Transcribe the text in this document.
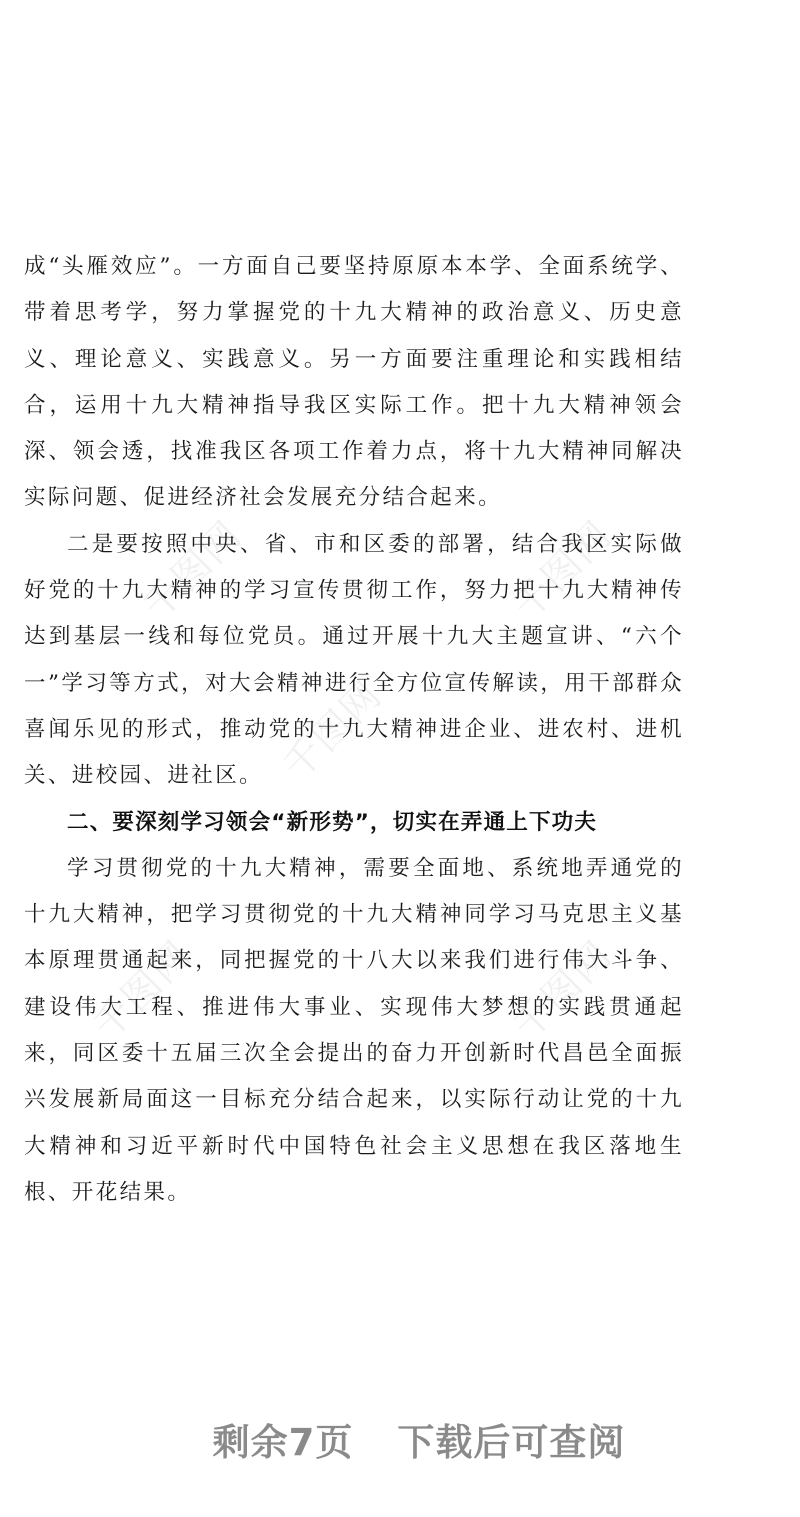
千图网	千图网
千图网
千图网	千图网

成“头雁效应”。一方面自己要坚持原原本本学、全面系统学、带着思考学，努力掌握党的十九大精神的政治意义、历史意义、理论意义、实践意义。另一方面要注重理论和实践相结合，运用十九大精神指导我区实际工作。把十九大精神领会深、领会透，找准我区各项工作着力点，将十九大精神同解决实际问题、促进经济社会发展充分结合起来。

二是要按照中央、省、市和区委的部署，结合我区实际做好党的十九大精神的学习宣传贯彻工作，努力把十九大精神传达到基层一线和每位党员。通过开展十九大主题宣讲、“六个一”学习等方式，对大会精神进行全方位宣传解读，用干部群众喜闻乐见的形式，推动党的十九大精神进企业、进农村、进机关、进校园、进社区。

二、要深刻学习领会“新形势”，切实在弄通上下功夫

学习贯彻党的十九大精神，需要全面地、系统地弄通党的十九大精神，把学习贯彻党的十九大精神同学习马克思主义基本原理贯通起来，同把握党的十八大以来我们进行伟大斗争、建设伟大工程、推进伟大事业、实现伟大梦想的实践贯通起来，同区委十五届三次全会提出的奋力开创新时代昌邑全面振兴发展新局面这一目标充分结合起来，以实际行动让党的十九大精神和习近平新时代中国特色社会主义思想在我区落地生根、开花结果。

剩余7页 下载后可查阅
